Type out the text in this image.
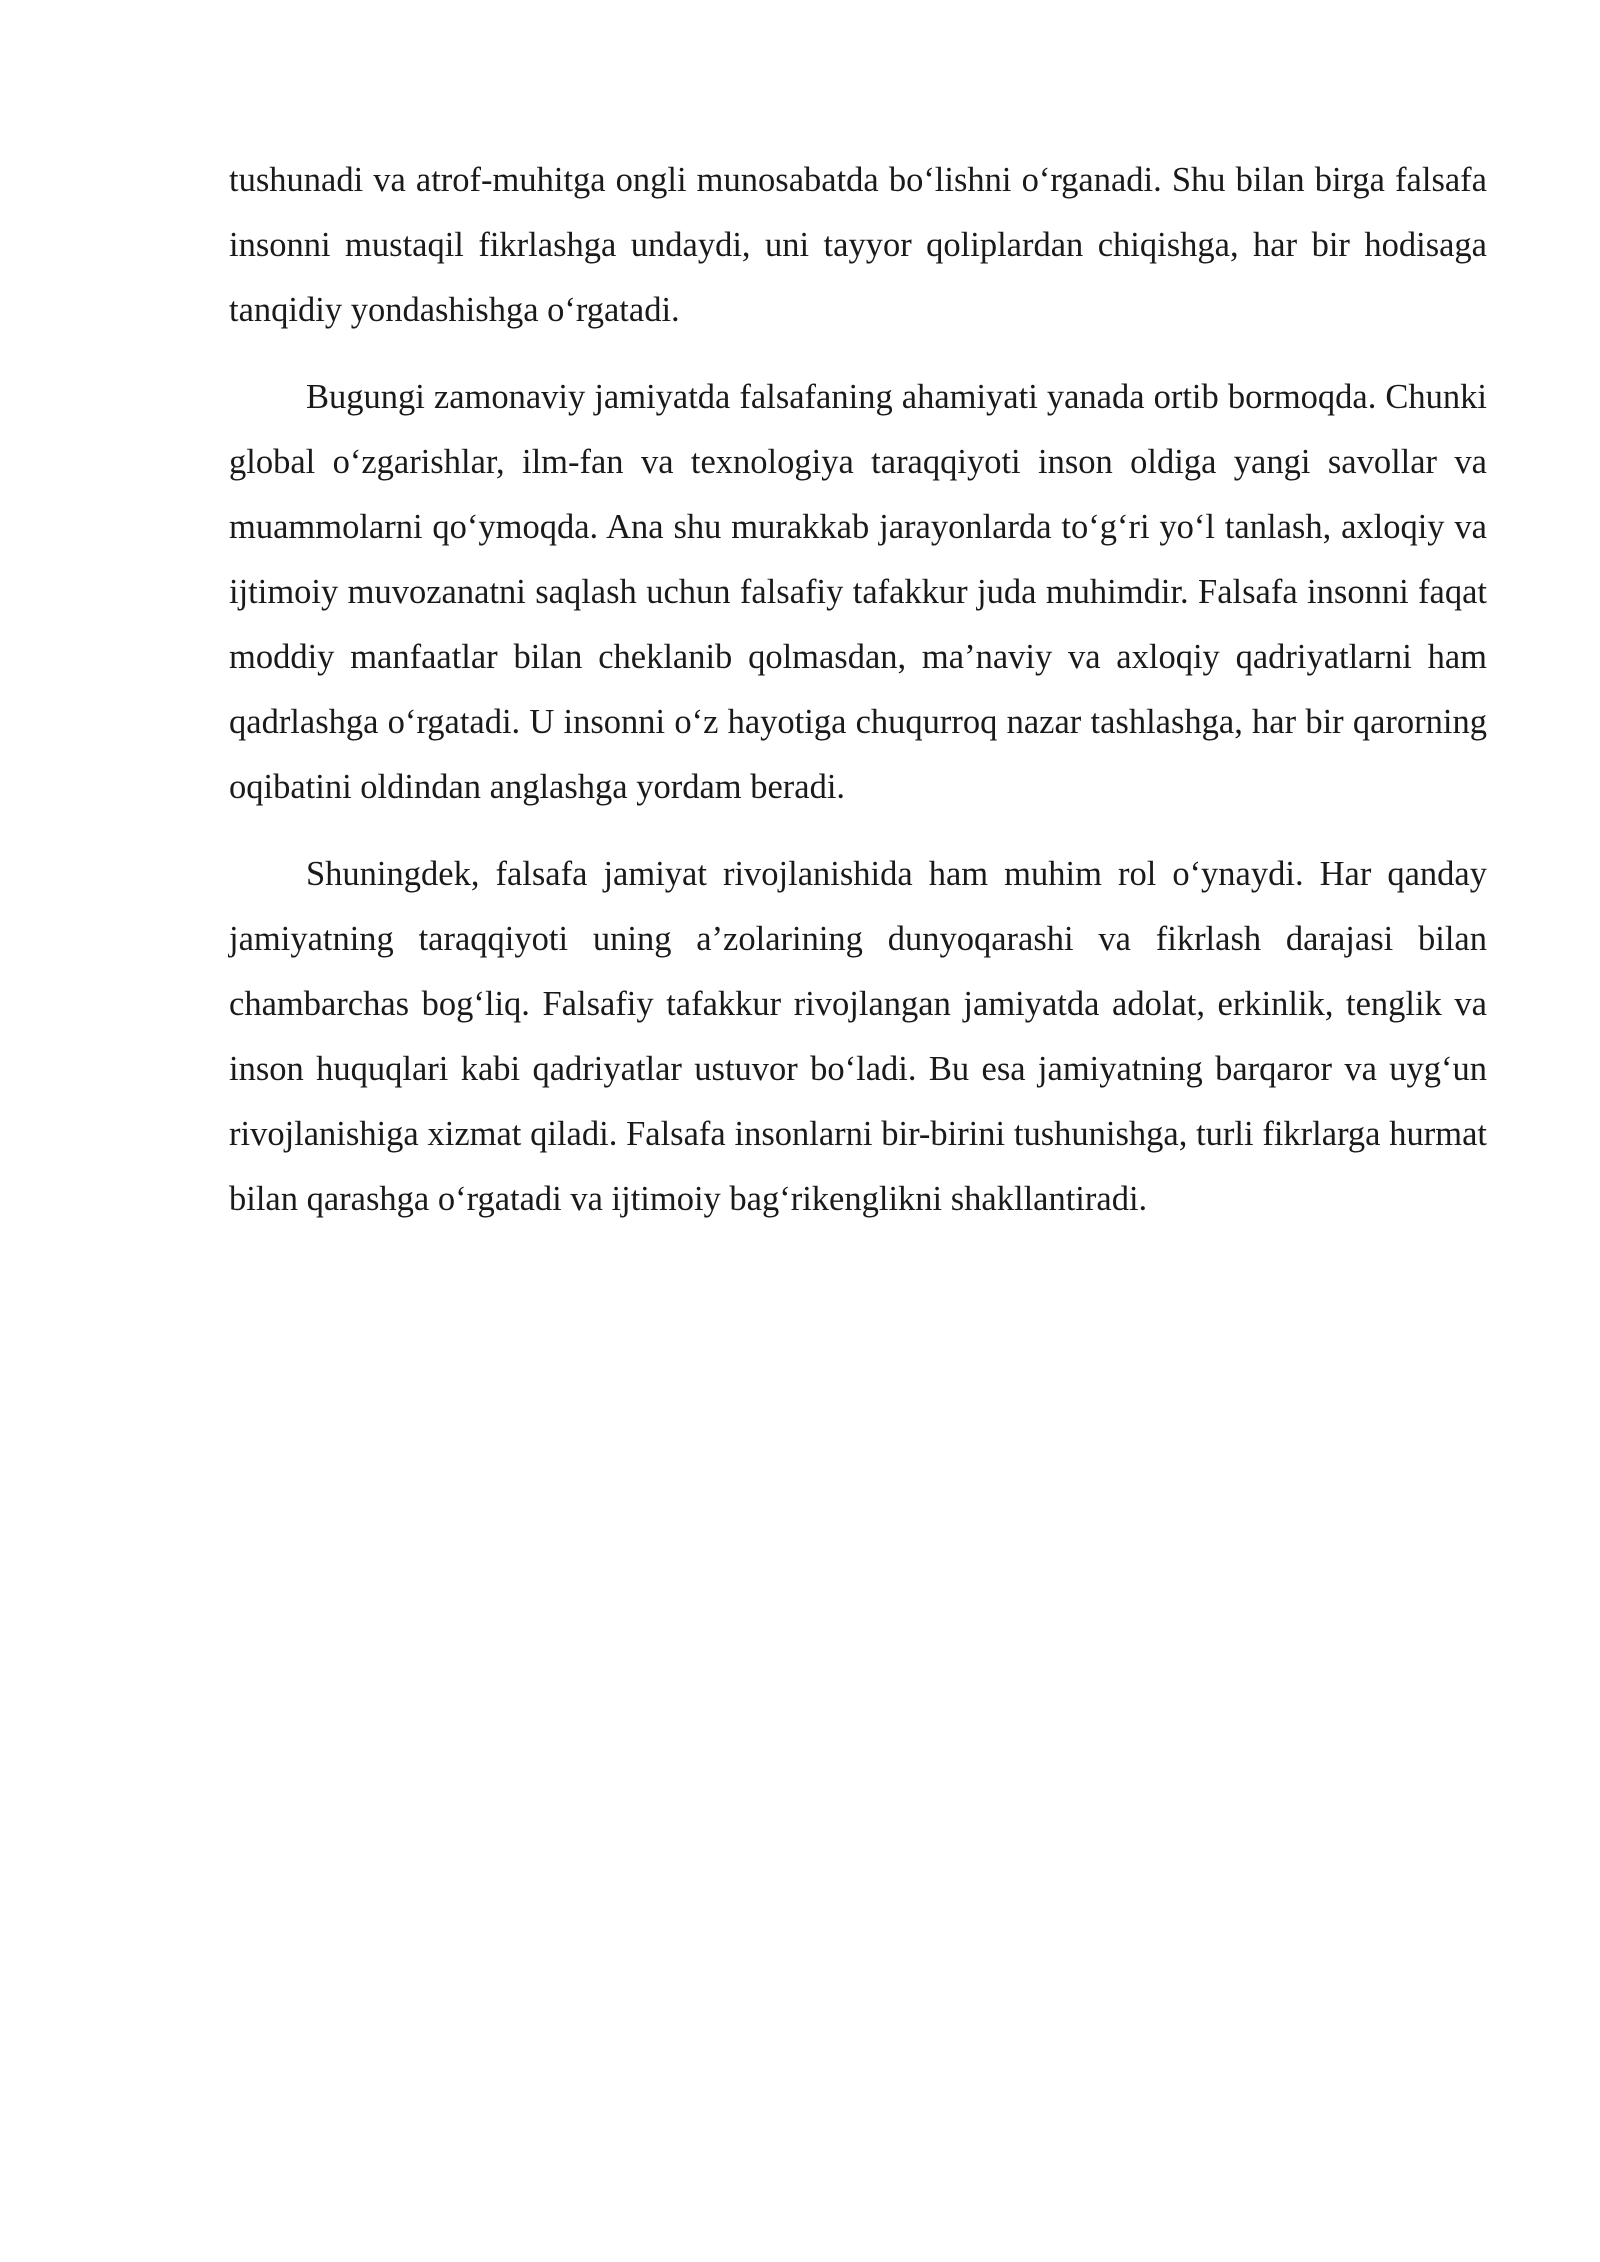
tushunadi va atrof-muhitga ongli munosabatda bo‘lishni o‘rganadi. Shu bilan birga falsafa insonni mustaqil fikrlashga undaydi, uni tayyor qoliplardan chiqishga, har bir hodisaga tanqidiy yondashishga o‘rgatadi.

Bugungi zamonaviy jamiyatda falsafaning ahamiyati yanada ortib bormoqda. Chunki global o‘zgarishlar, ilm-fan va texnologiya taraqqiyoti inson oldiga yangi savollar va muammolarni qo‘ymoqda. Ana shu murakkab jarayonlarda to‘g‘ri yo‘l tanlash, axloqiy va ijtimoiy muvozanatni saqlash uchun falsafiy tafakkur juda muhimdir. Falsafa insonni faqat moddiy manfaatlar bilan cheklanib qolmasdan, ma’naviy va axloqiy qadriyatlarni ham qadrlashga o‘rgatadi. U insonni o‘z hayotiga chuqurroq nazar tashlashga, har bir qarorning oqibatini oldindan anglashga yordam beradi.

Shuningdek, falsafa jamiyat rivojlanishida ham muhim rol o‘ynaydi. Har qanday jamiyatning taraqqiyoti uning a’zolarining dunyoqarashi va fikrlash darajasi bilan chambarchas bog‘liq. Falsafiy tafakkur rivojlangan jamiyatda adolat, erkinlik, tenglik va inson huquqlari kabi qadriyatlar ustuvor bo‘ladi. Bu esa jamiyatning barqaror va uyg‘un rivojlanishiga xizmat qiladi. Falsafa insonlarni bir-birini tushunishga, turli fikrlarga hurmat bilan qarashga o‘rgatadi va ijtimoiy bag‘rikenglikni shakllantiradi.
